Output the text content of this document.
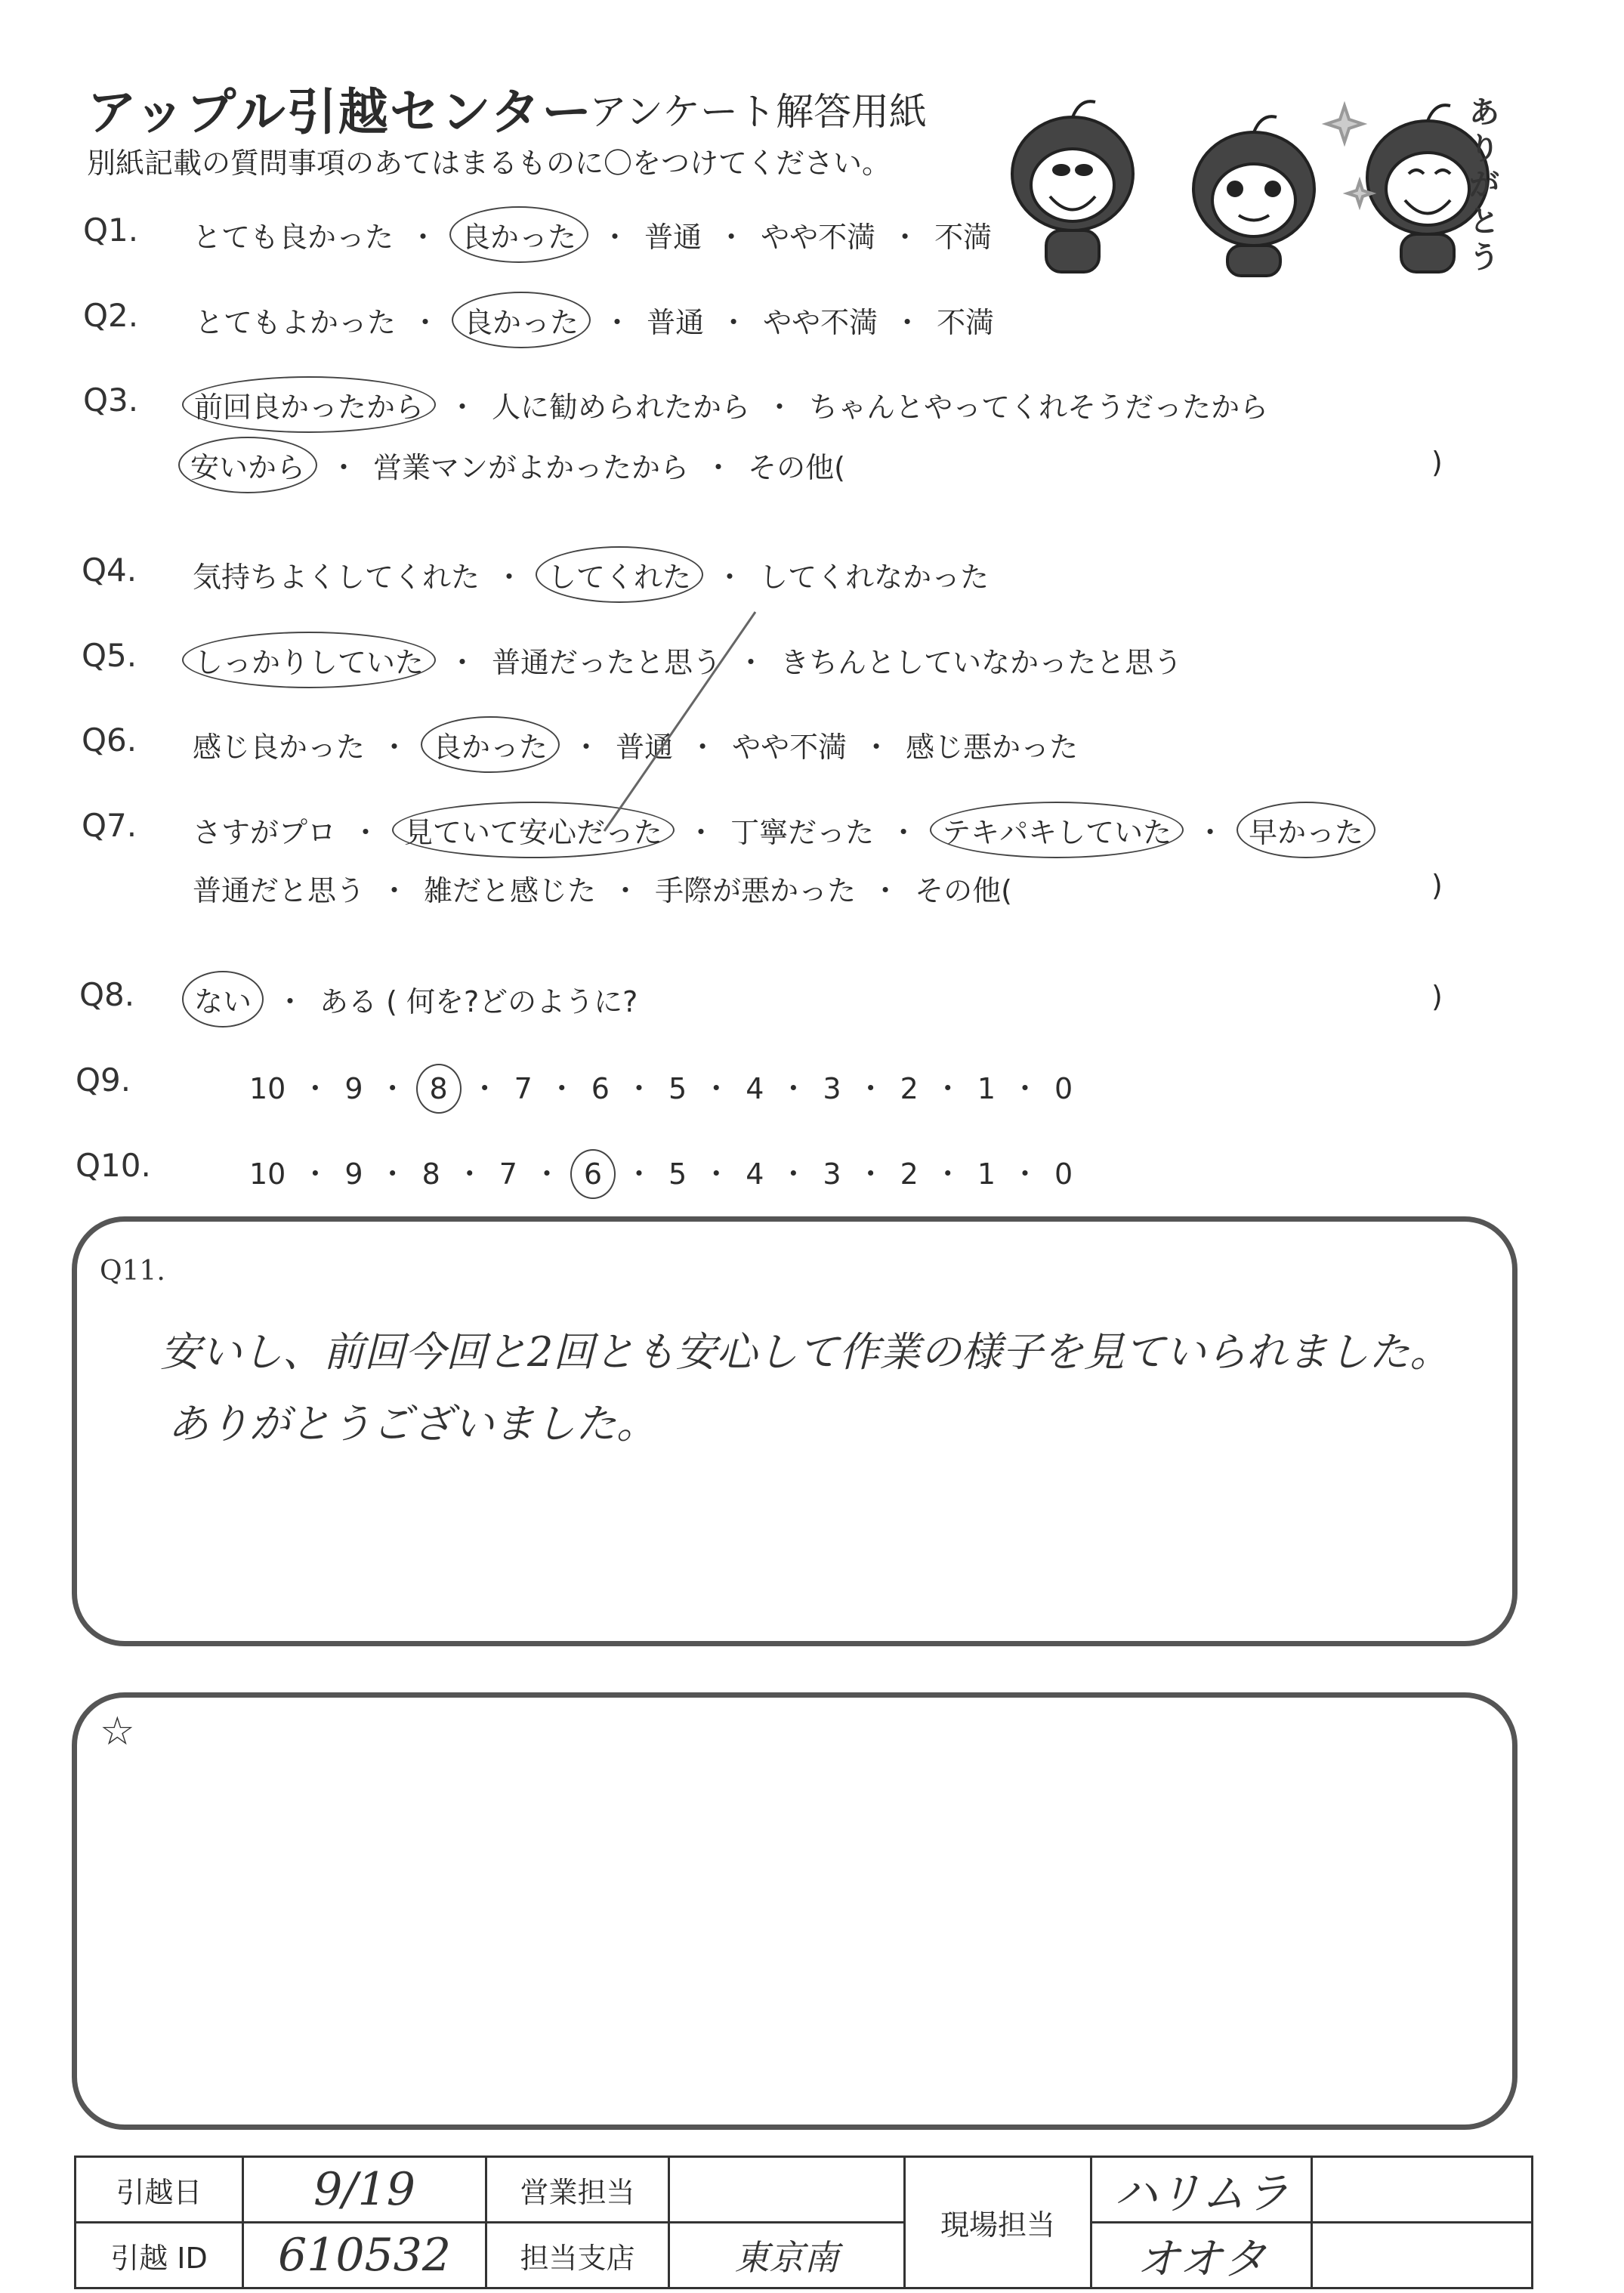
アップル引越センター
アンケート解答用紙
別紙記載の質問事項のあてはまるものに〇をつけてください。
ありがとう
Q1. とても良かった ・ 良かった ・ 普通 ・ やや不満 ・ 不満
Q2. とてもよかった ・ 良かった ・ 普通 ・ やや不満 ・ 不満
Q3.	前回良かったから ・ 人に勧められたから ・ ちゃんとやってくれそうだったから
安いから ・ 営業マンがよかったから ・ その他(	)
Q4. 気持ちよくしてくれた ・ してくれた ・ してくれなかった
Q5.	しっかりしていた ・ 普通だったと思う ・ きちんとしていなかったと思う
Q6. 感じ良かった ・ 良かった ・ 普通 ・ やや不満 ・ 感じ悪かった
Q7. さすがプロ ・ 見ていて安心だった ・ 丁寧だった ・ テキパキしていた ・ 早かった
普通だと思う ・ 雑だと感じた ・ 手際が悪かった ・ その他(	)
Q8.	ない ・ ある ( 何を?どのように?	)
Q9.	10 ・ 9 ・ 8 ・ 7 ・ 6 ・ 5 ・ 4 ・ 3 ・ 2 ・ 1 ・ 0
Q10.	10 ・ 9 ・ 8 ・ 7 ・ 6 ・ 5 ・ 4 ・ 3 ・ 2 ・ 1 ・ 0
Q11.
安いし、前回今回と2回とも安心して作業の様子を見ていられました。
ありがとうございました。
☆
引越日	9/19	営業担当		現場担当	ハリムラ	
引越 ID	610532	担当支店	東京南		オオタ	
